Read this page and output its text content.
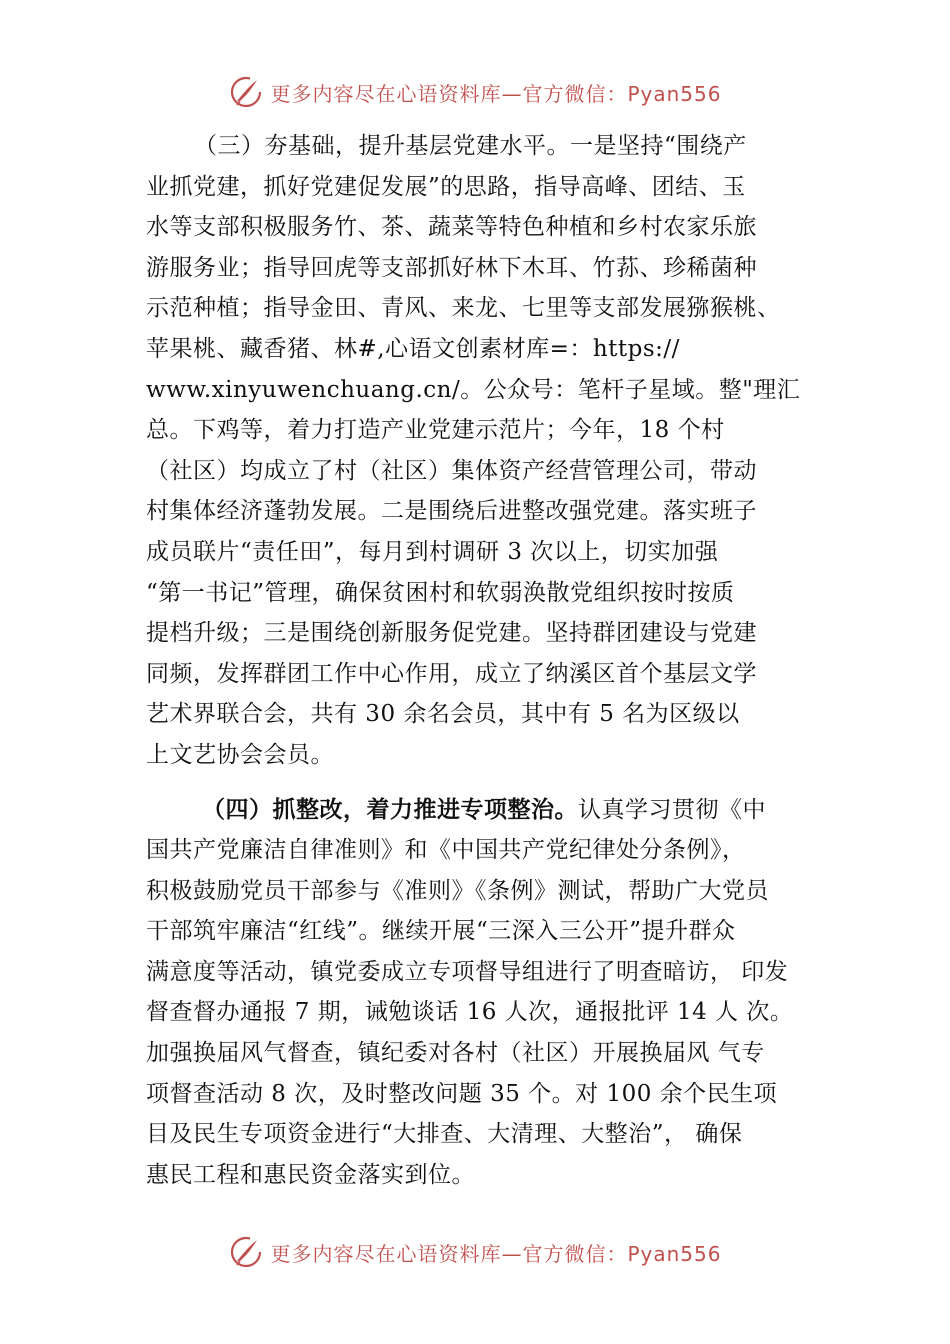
更多内容尽在心语资料库—官方微信：Pyan556
（三）夯基础，提升基层党建水平。一是坚持“围绕产
业抓党建，抓好党建促发展”的思路，指导高峰、团结、玉
水等支部积极服务竹、茶、蔬菜等特色种植和乡村农家乐旅
游服务业；指导回虎等支部抓好林下木耳、竹荪、珍稀菌种
示范种植；指导金田、青风、来龙、七里等支部发展猕猴桃、
苹果桃、藏香猪、林#,心语文创素材库=：https://
www.xinyuwenchuang.cn/。公众号：笔杆子星域。整"理汇
总。下鸡等，着力打造产业党建示范片；今年，18 个村
（社区）均成立了村（社区）集体资产经营管理公司，带动
村集体经济蓬勃发展。二是围绕后进整改强党建。落实班子
成员联片“责任田”，每月到村调研 3 次以上，切实加强
“第一书记”管理，确保贫困村和软弱涣散党组织按时按质
提档升级；三是围绕创新服务促党建。坚持群团建设与党建
同频，发挥群团工作中心作用，成立了纳溪区首个基层文学
艺术界联合会，共有 30 余名会员，其中有 5 名为区级以
上文艺协会会员。
（四）抓整改，着力推进专项整治。认真学习贯彻《中
国共产党廉洁自律准则》和《中国共产党纪律处分条例》，
积极鼓励党员干部参与《准则》《条例》测试，帮助广大党员
干部筑牢廉洁“红线”。继续开展“三深入三公开”提升群众
满意度等活动，镇党委成立专项督导组进行了明查暗访， 印发
督查督办通报 7 期，诫勉谈话 16 人次，通报批评 14 人 次。
加强换届风气督查，镇纪委对各村（社区）开展换届风 气专
项督查活动 8 次，及时整改问题 35 个。对 100 余个民生项
目及民生专项资金进行“大排查、大清理、大整治”， 确保
惠民工程和惠民资金落实到位。
更多内容尽在心语资料库—官方微信：Pyan556
